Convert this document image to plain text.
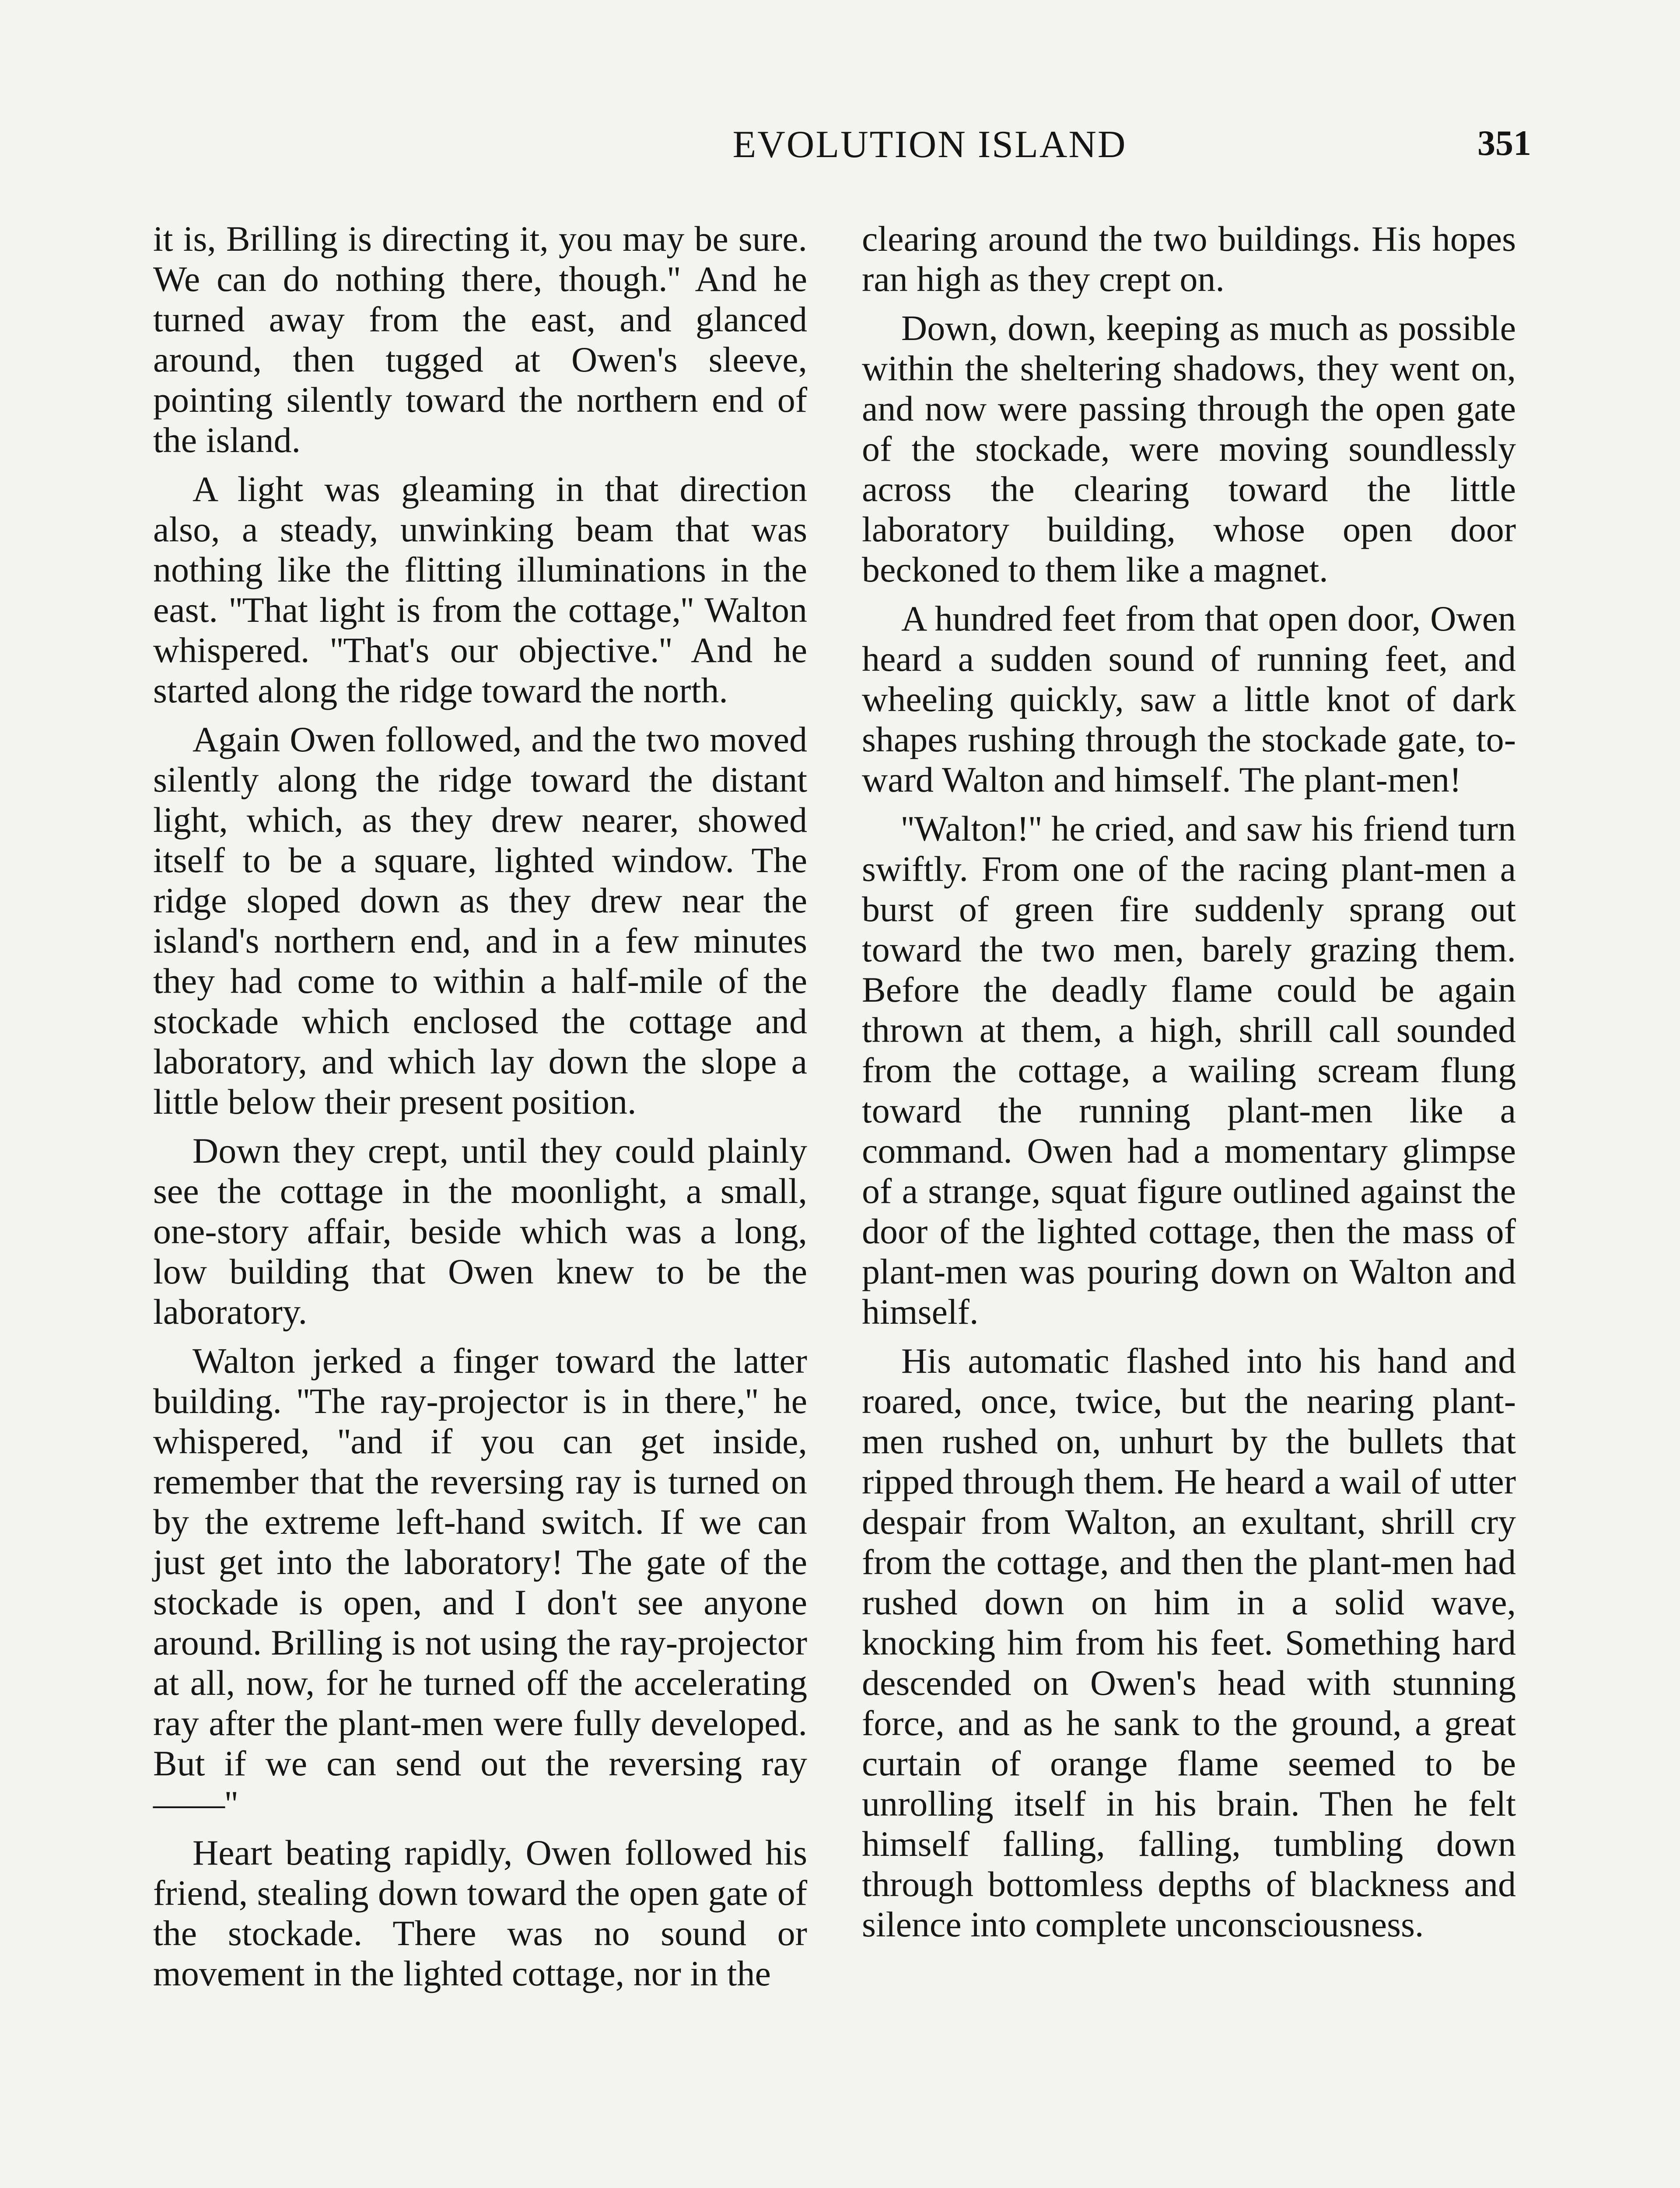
EVOLUTION ISLAND	351

it is, Brilling is directing it, you may be sure. We can do nothing there, though.'' And he turned away from the east, and glanced around, then tugged at Owen's sleeve, pointing silently toward the northern end of the island.

A light was gleaming in that direction also, a steady, unwinking beam that was nothing like the flitting illuminations in the east. ''That light is from the cottage,'' Walton whispered. ''That's our objective.'' And he started along the ridge toward the north.

Again Owen followed, and the two moved silently along the ridge toward the distant light, which, as they drew nearer, showed itself to be a square, lighted window. The ridge sloped down as they drew near the island's northern end, and in a few minutes they had come to within a half-mile of the stockade which enclosed the cottage and laboratory, and which lay down the slope a little below their present position.

Down they crept, until they could plainly see the cottage in the moonlight, a small, one-story affair, beside which was a long, low building that Owen knew to be the laboratory.

Walton jerked a finger toward the latter building. ''The ray-projector is in there,'' he whispered, ''and if you can get inside, remember that the reversing ray is turned on by the extreme left-hand switch. If we can just get into the laboratory! The gate of the stockade is open, and I don't see anyone around. Brilling is not using the ray-projector at all, now, for he turned off the accelerating ray after the plant-men were fully developed. But if we can send out the reversing ray——''

Heart beating rapidly, Owen followed his friend, stealing down toward the open gate of the stockade. There was no sound or movement in the lighted cottage, nor in the

clearing around the two buildings. His hopes ran high as they crept on.

Down, down, keeping as much as possible within the sheltering shadows, they went on, and now were passing through the open gate of the stockade, were moving soundlessly across the clearing toward the little laboratory building, whose open door beckoned to them like a magnet.

A hundred feet from that open door, Owen heard a sudden sound of running feet, and wheeling quickly, saw a little knot of dark shapes rushing through the stockade gate, toward Walton and himself. The plant-men!

''Walton!'' he cried, and saw his friend turn swiftly. From one of the racing plant-men a burst of green fire suddenly sprang out toward the two men, barely grazing them. Before the deadly flame could be again thrown at them, a high, shrill call sounded from the cottage, a wailing scream flung toward the running plant-men like a command. Owen had a momentary glimpse of a strange, squat figure outlined against the door of the lighted cottage, then the mass of plant-men was pouring down on Walton and himself.

His automatic flashed into his hand and roared, once, twice, but the nearing plant-men rushed on, unhurt by the bullets that ripped through them. He heard a wail of utter despair from Walton, an exultant, shrill cry from the cottage, and then the plant-men had rushed down on him in a solid wave, knocking him from his feet. Something hard descended on Owen's head with stunning force, and as he sank to the ground, a great curtain of orange flame seemed to be unrolling itself in his brain. Then he felt himself falling, falling, tumbling down through bottomless depths of blackness and silence into complete unconsciousness.
